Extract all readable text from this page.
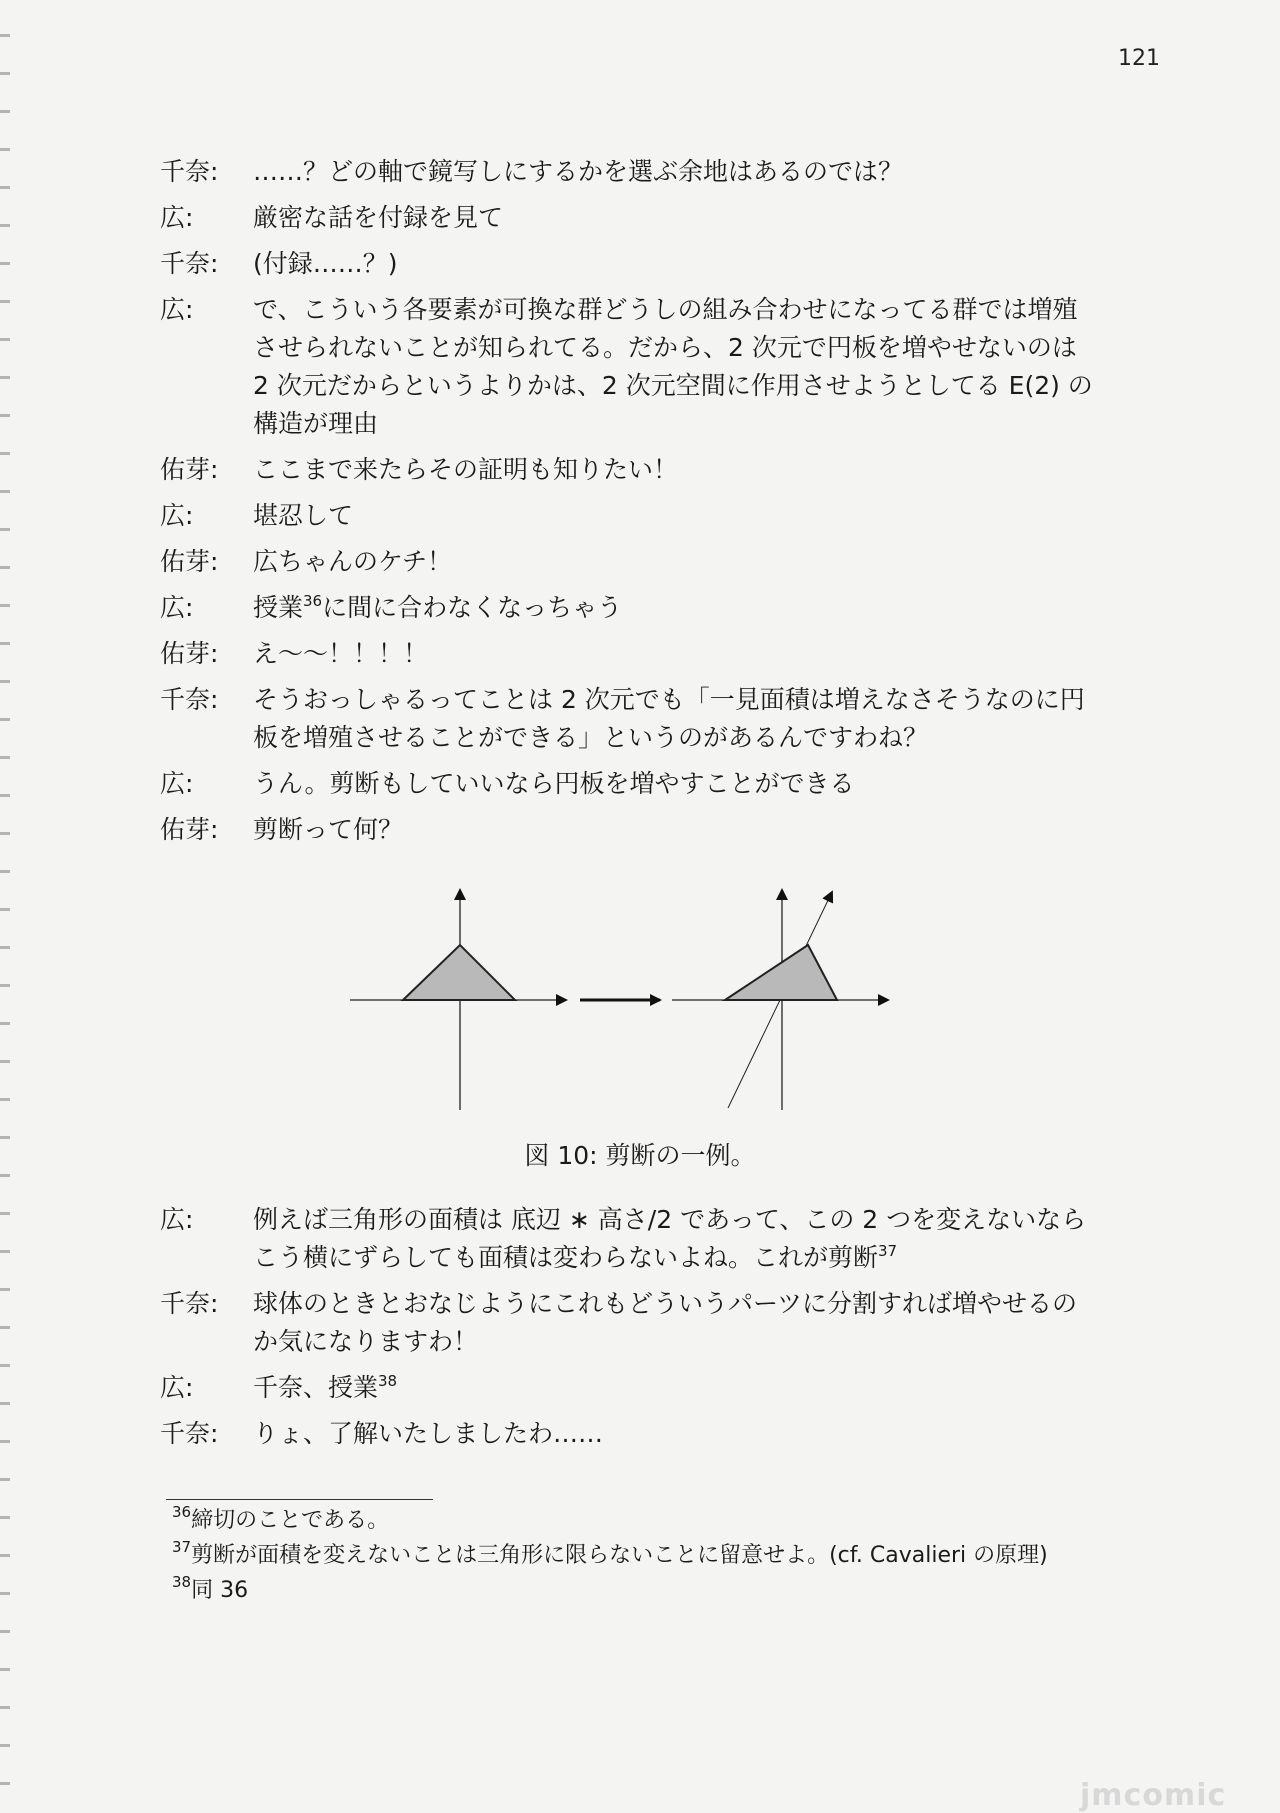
121
千奈:	……？どの軸で鏡写しにするかを選ぶ余地はあるのでは？
広:	厳密な話を付録を見て
千奈:	(付録……？)
広:	で、こういう各要素が可換な群どうしの組み合わせになってる群では増殖させられないことが知られてる。だから、2 次元で円板を増やせないのは 2 次元だからというよりかは、2 次元空間に作用させようとしてる E(2) の構造が理由
佑芽:	ここまで来たらその証明も知りたい！
広:	堪忍して
佑芽:	広ちゃんのケチ！
広:	授業$^{36}$に間に合わなくなっちゃう
佑芽:	え〜〜！！！！
千奈:	そうおっしゃるってことは 2 次元でも「一見面積は増えなさそうなのに円板を増殖させることができる」というのがあるんですわね？
広:	うん。剪断もしていいなら円板を増やすことができる
佑芽:	剪断って何？
図 10: 剪断の一例。
広:	例えば三角形の面積は 底辺 ∗ 高さ/2 であって、この 2 つを変えないならこう横にずらしても面積は変わらないよね。これが剪断$^{37}$
千奈:	球体のときとおなじようにこれもどういうパーツに分割すれば増やせるのか気になりますわ！
広:	千奈、授業$^{38}$
千奈:	りょ、了解いたしましたわ……
$^{36}$締切のことである。
$^{37}$剪断が面積を変えないことは三角形に限らないことに留意せよ。(cf. Cavalieri の原理)
$^{38}$同 36
jmcomic
